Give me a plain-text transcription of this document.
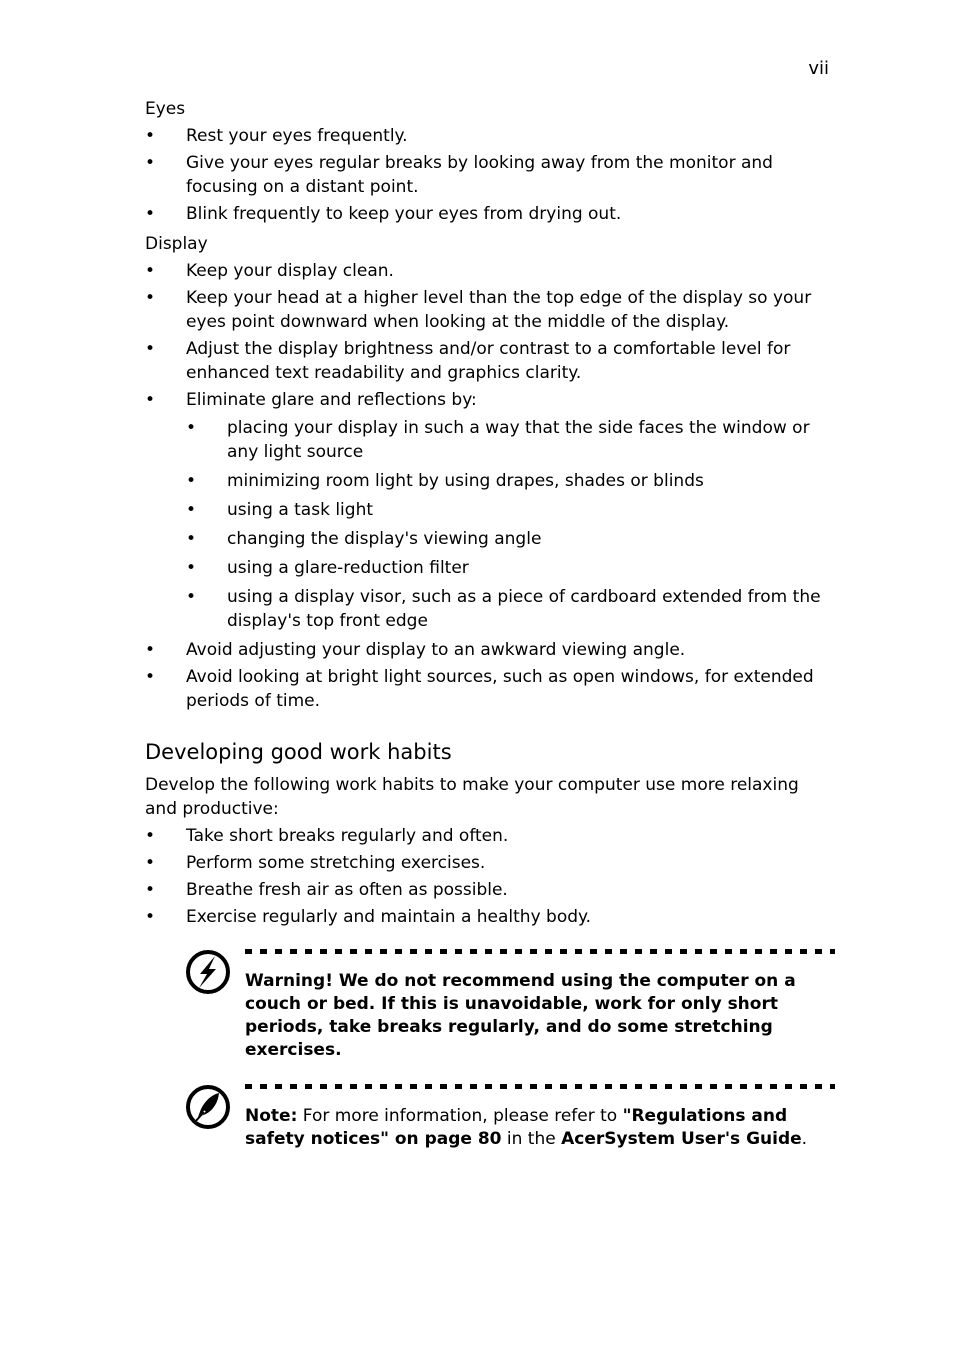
vii
Eyes
• Rest your eyes frequently.
• Give your eyes regular breaks by looking away from the monitor and focusing on a distant point.
• Blink frequently to keep your eyes from drying out.
Display
• Keep your display clean.
• Keep your head at a higher level than the top edge of the display so your eyes point downward when looking at the middle of the display.
• Adjust the display brightness and/or contrast to a comfortable level for enhanced text readability and graphics clarity.
• Eliminate glare and reflections by:
• placing your display in such a way that the side faces the window or any light source
• minimizing room light by using drapes, shades or blinds
• using a task light
• changing the display's viewing angle
• using a glare-reduction filter
• using a display visor, such as a piece of cardboard extended from the display's top front edge
• Avoid adjusting your display to an awkward viewing angle.
• Avoid looking at bright light sources, such as open windows, for extended periods of time.
Developing good work habits
Develop the following work habits to make your computer use more relaxing and productive:
• Take short breaks regularly and often.
• Perform some stretching exercises.
• Breathe fresh air as often as possible.
• Exercise regularly and maintain a healthy body.
Warning! We do not recommend using the computer on a couch or bed. If this is unavoidable, work for only short periods, take breaks regularly, and do some stretching exercises.
Note: For more information, please refer to "Regulations and safety notices" on page 80 in the AcerSystem User's Guide.
